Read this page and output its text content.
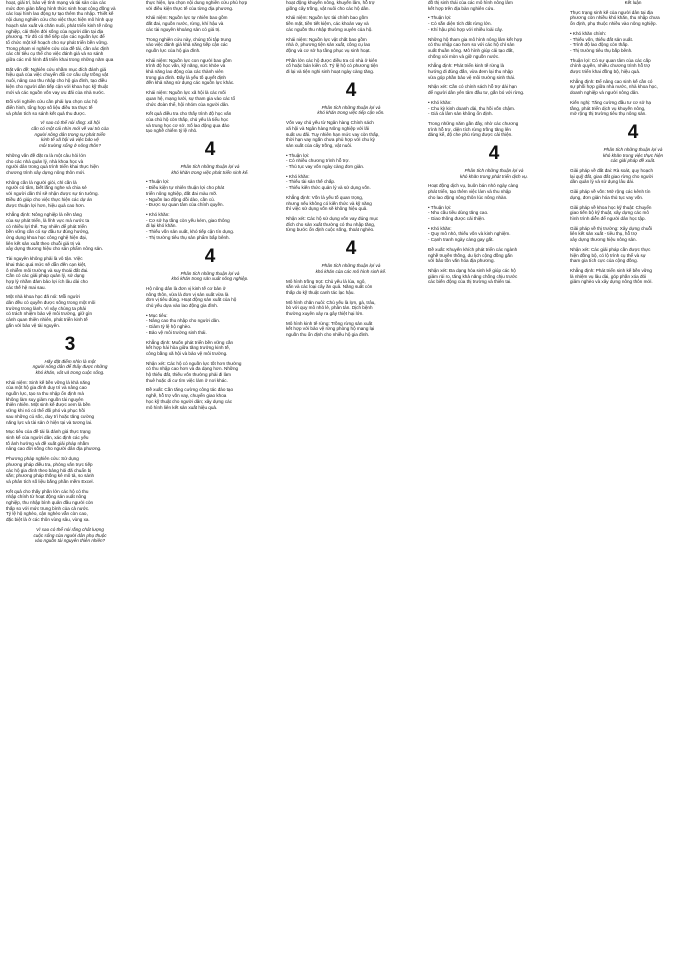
hoạt, giải trí, bảo vệ tính mạng và tài sản của các

mức đơn giản bằng hình thức sinh hoạt cộng đồng và

các loại hình lao động tự tạo thêm thu nhập. Thiết kế

nội dung nghiên cứu cho việc thực hiện mô hình quy

hoạch sản xuất và chăn nuôi, phát triển kinh tế nông

nghiệp, cải thiện đời sống của người dân tại địa

phương. Từ đó có thể tiếp cận các nguồn lực để

tổ chức một kế hoạch cho sự phát triển bền vững.

Trong phạm vi nghiên cứu của đề tài, cần xác định

các chỉ tiêu cụ thể cho việc đánh giá và so sánh

giữa các mô hình đã triển khai trong những năm qua

Đặt vấn đề: Nghiên cứu nhằm mục đích đánh giá

hiệu quả của việc chuyển đổi cơ cấu cây trồng vật

nuôi, nâng cao thu nhập cho hộ gia đình, tạo điều

kiện cho người dân tiếp cận với khoa học kỹ thuật

mới và các nguồn vốn vay ưu đãi của nhà nước.

Đối với nghiên cứu cần phải lựa chọn các hộ

điển hình, tổng hợp số liệu điều tra thực tế

và phân tích so sánh kết quả thu được.

Vì sao có thể nói rằng: xã hội

cần có một cái nhìn mới về vai trò của

người nông dân trong sự phát triển

kinh tế xã hội và việc bảo vệ

môi trường sống ở nông thôn?

Những vấn đề đặt ra là một câu hỏi lớn

cho các nhà quản lý, nhà khoa học và

người dân trong quá trình triển khai thực hiện

chương trình xây dựng nông thôn mới.

Không cần là người giỏi, chỉ cần là

người có tâm, biết lắng nghe và chia sẻ

với người dân thì sẽ nhận được sự tin tưởng.

Điều đó giúp cho việc thực hiện các dự án

được thuận lợi hơn, hiệu quả cao hơn.

Khẳng định: Nông nghiệp là nền tảng

của sự phát triển, là lĩnh vực mà nước ta

có nhiều lợi thế. Tuy nhiên để phát triển

bền vững cần có sự đầu tư đúng hướng,

ứng dụng khoa học công nghệ hiện đại,

liên kết sản xuất theo chuỗi giá trị và

xây dựng thương hiệu cho sản phẩm nông sản.

Tài nguyên không phải là vô tận. Việc

khai thác quá mức sẽ dẫn đến cạn kiệt,

ô nhiễm môi trường và suy thoái đất đai.

Cần có các giải pháp quản lý, sử dụng

hợp lý nhằm đảm bảo lợi ích lâu dài cho

các thế hệ mai sau.

Một nhà khoa học đã nói: Mỗi người

dân đều có quyền được sống trong một môi

trường trong lành. Vì vậy chúng ta phải

có trách nhiệm bảo vệ môi trường, giữ gìn

cảnh quan thiên nhiên, phát triển kinh tế

gắn với bảo vệ tài nguyên.

3

Hãy đặt điểm nhìn là một

người nông dân để thấy được những

khó khăn, vất vả trong cuộc sống.

Khái niệm: Sinh kế bền vững là khả năng

của một hộ gia đình duy trì và nâng cao

nguồn lực, tạo ra thu nhập ổn định mà

không làm suy giảm nguồn tài nguyên

thiên nhiên. Một sinh kế được xem là bền

vững khi nó có thể đối phó và phục hồi

sau những cú sốc, duy trì hoặc tăng cường

năng lực và tài sản ở hiện tại và tương lai.

Mục tiêu của đề tài là đánh giá thực trạng

sinh kế của người dân, xác định các yếu

tố ảnh hưởng và đề xuất giải pháp nhằm

nâng cao đời sống cho người dân địa phương.

Phương pháp nghiên cứu: Sử dụng

phương pháp điều tra, phỏng vấn trực tiếp

các hộ gia đình theo bảng hỏi đã chuẩn bị

sẵn; phương pháp thống kê mô tả, so sánh

và phân tích số liệu bằng phần mềm Excel.

Kết quả cho thấy phần lớn các hộ có thu

nhập chính từ hoạt động sản xuất nông

nghiệp, thu nhập bình quân đầu người còn

thấp so với mức trung bình của cả nước.

Tỷ lệ hộ nghèo, cận nghèo vẫn còn cao,

đặc biệt là ở các thôn vùng sâu, vùng xa.

Vì sao có thể nói rằng chất lượng

cuộc sống của người dân phụ thuộc

vào nguồn tài nguyên thiên nhiên?

thực hiện, lựa chọn nội dung nghiên cứu phù hợp

với điều kiện thực tế của từng địa phương.

Khái niệm: Nguồn lực tự nhiên bao gồm

đất đai, nguồn nước, rừng, khí hậu và

các tài nguyên khoáng sản có giá trị.

Trong nghiên cứu này, chúng tôi tập trung

vào việc đánh giá khả năng tiếp cận các

nguồn lực của hộ gia đình.

Khái niệm: Nguồn lực con người bao gồm

trình độ học vấn, kỹ năng, sức khỏe và

khả năng lao động của các thành viên

trong gia đình. Đây là yếu tố quyết định

đến khả năng sử dụng các nguồn lực khác.

Khái niệm: Nguồn lực xã hội là các mối

quan hệ, mạng lưới, sự tham gia vào các tổ

chức đoàn thể, hội nhóm của người dân.

Kết quả điều tra cho thấy trình độ học vấn

của chủ hộ còn thấp, chủ yếu là tiểu học

và trung học cơ sở. Số lao động qua đào

tạo nghề chiếm tỷ lệ nhỏ.

4

Phân tích những thuận lợi và

khó khăn trong việc phát triển sinh kế.

• Thuận lợi:

- Điều kiện tự nhiên thuận lợi cho phát

triển nông nghiệp, đất đai màu mỡ.

- Nguồn lao động dồi dào, cần cù.

- Được sự quan tâm của chính quyền.

• Khó khăn:

- Cơ sở hạ tầng còn yếu kém, giao thông

đi lại khó khăn.

- Thiếu vốn sản xuất, khó tiếp cận tín dụng.

- Thị trường tiêu thụ sản phẩm bấp bênh.

4

Phân tích những thuận lợi và

khó khăn trong sản xuất nông nghiệp.

Hộ nông dân là đơn vị kinh tế cơ bản ở

nông thôn, vừa là đơn vị sản xuất vừa là

đơn vị tiêu dùng. Hoạt động sản xuất của hộ

chủ yếu dựa vào lao động gia đình.

• Mục tiêu:

- Nâng cao thu nhập cho người dân.

- Giảm tỷ lệ hộ nghèo.

- Bảo vệ môi trường sinh thái.

Khẳng định: Muốn phát triển bền vững cần

kết hợp hài hòa giữa tăng trưởng kinh tế,

công bằng xã hội và bảo vệ môi trường.

Nhận xét: Các hộ có nguồn lực tốt hơn thường

có thu nhập cao hơn và đa dạng hơn. Những

hộ thiếu đất, thiếu vốn thường phải đi làm

thuê hoặc di cư tìm việc làm ở nơi khác.

Đề xuất: Cần tăng cường công tác đào tạo

nghề, hỗ trợ vốn vay, chuyển giao khoa

học kỹ thuật cho người dân; xây dựng các

mô hình liên kết sản xuất hiệu quả.

hoạt động khuyến nông, khuyến lâm, hỗ trợ

giống cây trồng, vật nuôi cho các hộ dân.

Khái niệm: Nguồn lực tài chính bao gồm

tiền mặt, tiền tiết kiệm, các khoản vay và

các nguồn thu nhập thường xuyên của hộ.

Khái niệm: Nguồn lực vật chất bao gồm

nhà ở, phương tiện sản xuất, công cụ lao

động và cơ sở hạ tầng phục vụ sinh hoạt.

Phần lớn các hộ được điều tra có nhà ở kiên

cố hoặc bán kiên cố. Tỷ lệ hộ có phương tiện

đi lại và tiện nghi sinh hoạt ngày càng tăng.

4

Phân tích những thuận lợi và

khó khăn trong việc tiếp cận vốn.

Vốn vay chủ yếu từ Ngân hàng Chính sách

xã hội và Ngân hàng Nông nghiệp với lãi

suất ưu đãi. Tuy nhiên hạn mức vay còn thấp,

thời hạn vay ngắn chưa phù hợp với chu kỳ

sản xuất của cây trồng, vật nuôi.

• Thuận lợi:

- Có nhiều chương trình hỗ trợ.

- Thủ tục vay vốn ngày càng đơn giản.

• Khó khăn:

- Thiếu tài sản thế chấp.

- Thiếu kiến thức quản lý và sử dụng vốn.

Khẳng định: Vốn là yếu tố quan trọng,

nhưng nếu không có kiến thức và kỹ năng

thì việc sử dụng vốn sẽ không hiệu quả.

Nhận xét: Các hộ sử dụng vốn vay đúng mục

đích cho sản xuất thường có thu nhập tăng,

từng bước ổn định cuộc sống, thoát nghèo.

4

Phân tích những thuận lợi và

khó khăn của các mô hình sinh kế.

Mô hình trồng trọt: Chủ yếu là lúa, ngô,

sắn và các loại cây ăn quả. Năng suất còn

thấp do kỹ thuật canh tác lạc hậu.

Mô hình chăn nuôi: Chủ yếu là lợn, gà, trâu,

bò với quy mô nhỏ lẻ, phân tán. Dịch bệnh

thường xuyên xảy ra gây thiệt hại lớn.

Mô hình kinh tế rừng: Trồng rừng sản xuất

kết hợp với bảo vệ rừng phòng hộ mang lại

nguồn thu ổn định cho nhiều hộ gia đình.

đồ thị sinh thái của các mô hình nông lâm

kết hợp trên địa bàn nghiên cứu.

• Thuận lợi:

- Có sẵn diện tích đất rừng lớn.

- Khí hậu phù hợp với nhiều loài cây.

Những hộ tham gia mô hình nông lâm kết hợp

có thu nhập cao hơn so với các hộ chỉ sản

xuất thuần nông. Mô hình giúp cải tạo đất,

chống xói mòn và giữ nguồn nước.

Khẳng định: Phát triển kinh tế rừng là

hướng đi đúng đắn, vừa đem lại thu nhập

vừa góp phần bảo vệ môi trường sinh thái.

Nhận xét: Cần có chính sách hỗ trợ dài hạn

để người dân yên tâm đầu tư, gắn bó với rừng.

• Khó khăn:

- Chu kỳ kinh doanh dài, thu hồi vốn chậm.

- Giá cả lâm sản không ổn định.

Trong những năm gần đây, nhờ các chương

trình hỗ trợ, diện tích rừng trồng tăng lên

đáng kể, độ che phủ rừng được cải thiện.

4

Phân tích những thuận lợi và

khó khăn trong phát triển dịch vụ.

Hoạt động dịch vụ, buôn bán nhỏ ngày càng

phát triển, tạo thêm việc làm và thu nhập

cho lao động nông thôn lúc nông nhàn.

• Thuận lợi:

- Nhu cầu tiêu dùng tăng cao.

- Giao thông được cải thiện.

• Khó khăn:

- Quy mô nhỏ, thiếu vốn và kinh nghiệm.

- Cạnh tranh ngày càng gay gắt.

Đề xuất: Khuyến khích phát triển các ngành

nghề truyền thống, du lịch cộng đồng gắn

với bảo tồn văn hóa địa phương.

Nhận xét: Đa dạng hóa sinh kế giúp các hộ

giảm rủi ro, tăng khả năng chống chịu trước

các biến động của thị trường và thiên tai.

Kết luận

Thực trạng sinh kế của người dân tại địa

phương còn nhiều khó khăn, thu nhập chưa

ổn định, phụ thuộc nhiều vào nông nghiệp.

• Khó khăn chính:

- Thiếu vốn, thiếu đất sản xuất.

- Trình độ lao động còn thấp.

- Thị trường tiêu thụ bấp bênh.

Thuận lợi: Có sự quan tâm của các cấp

chính quyền, nhiều chương trình hỗ trợ

được triển khai đồng bộ, hiệu quả.

Khẳng định: Để nâng cao sinh kế cần có

sự phối hợp giữa nhà nước, nhà khoa học,

doanh nghiệp và người nông dân.

Kiến nghị: Tăng cường đầu tư cơ sở hạ

tầng, phát triển dịch vụ khuyến nông,

mở rộng thị trường tiêu thụ nông sản.

4

Phân tích những thuận lợi và

khó khăn trong việc thực hiện

các giải pháp đề xuất.

Giải pháp về đất đai: Rà soát, quy hoạch

lại quỹ đất, giao đất giao rừng cho người

dân quản lý và sử dụng lâu dài.

Giải pháp về vốn: Mở rộng các kênh tín

dụng, đơn giản hóa thủ tục vay vốn.

Giải pháp về khoa học kỹ thuật: Chuyển

giao tiến bộ kỹ thuật, xây dựng các mô

hình trình diễn để người dân học tập.

Giải pháp về thị trường: Xây dựng chuỗi

liên kết sản xuất - tiêu thụ, hỗ trợ

xây dựng thương hiệu nông sản.

Nhận xét: Các giải pháp cần được thực

hiện đồng bộ, có lộ trình cụ thể và sự

tham gia tích cực của cộng đồng.

Khẳng định: Phát triển sinh kế bền vững

là nhiệm vụ lâu dài, góp phần xóa đói

giảm nghèo và xây dựng nông thôn mới.
